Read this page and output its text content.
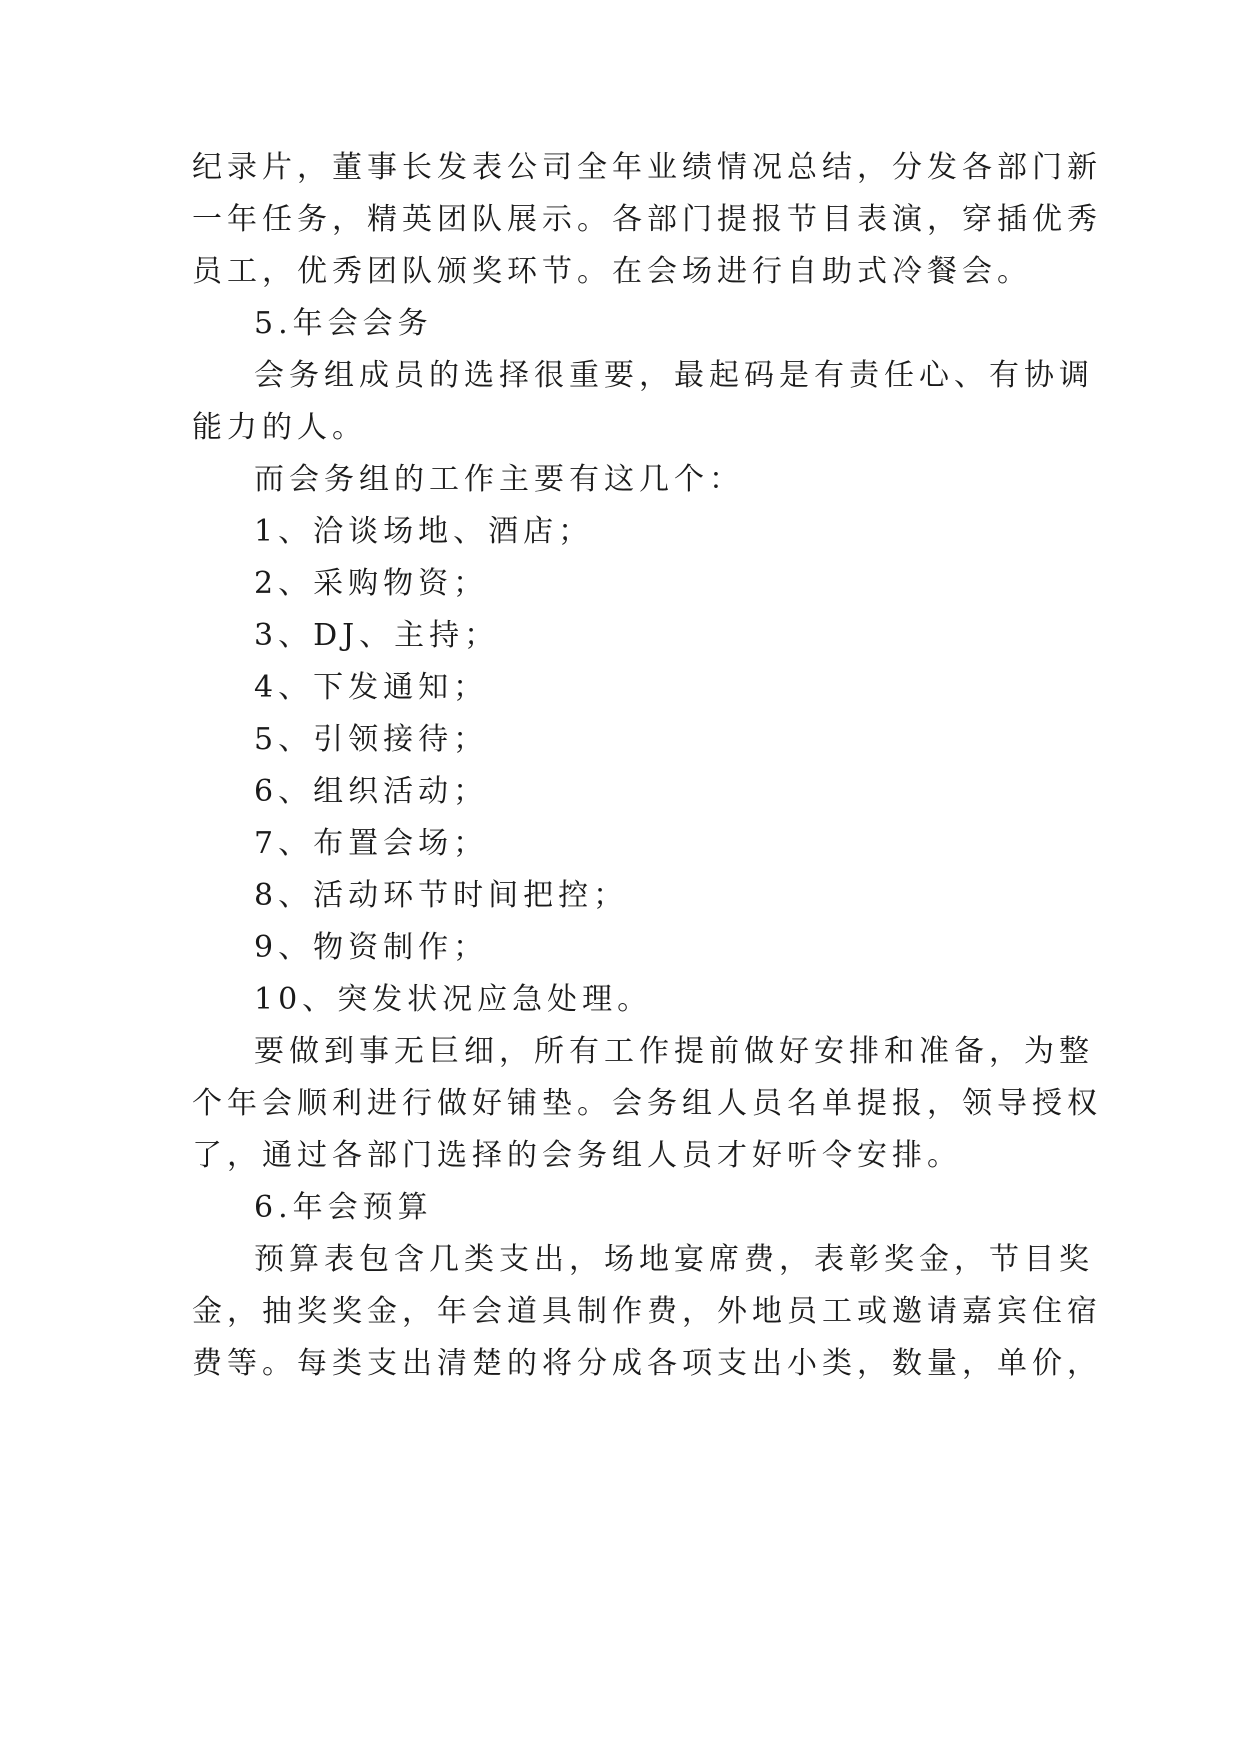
纪录片，董事长发表公司全年业绩情况总结，分发各部门新
一年任务，精英团队展示。各部门提报节目表演，穿插优秀
员工，优秀团队颁奖环节。在会场进行自助式冷餐会。
5.年会会务
会务组成员的选择很重要，最起码是有责任心、有协调
能力的人。
而会务组的工作主要有这几个：
1、洽谈场地、酒店；
2、采购物资；
3、DJ、主持；
4、下发通知；
5、引领接待；
6、组织活动；
7、布置会场；
8、活动环节时间把控；
9、物资制作；
10、突发状况应急处理。
要做到事无巨细，所有工作提前做好安排和准备，为整
个年会顺利进行做好铺垫。会务组人员名单提报，领导授权
了，通过各部门选择的会务组人员才好听令安排。
6.年会预算
预算表包含几类支出，场地宴席费，表彰奖金，节目奖
金，抽奖奖金，年会道具制作费，外地员工或邀请嘉宾住宿
费等。每类支出清楚的将分成各项支出小类，数量，单价，
